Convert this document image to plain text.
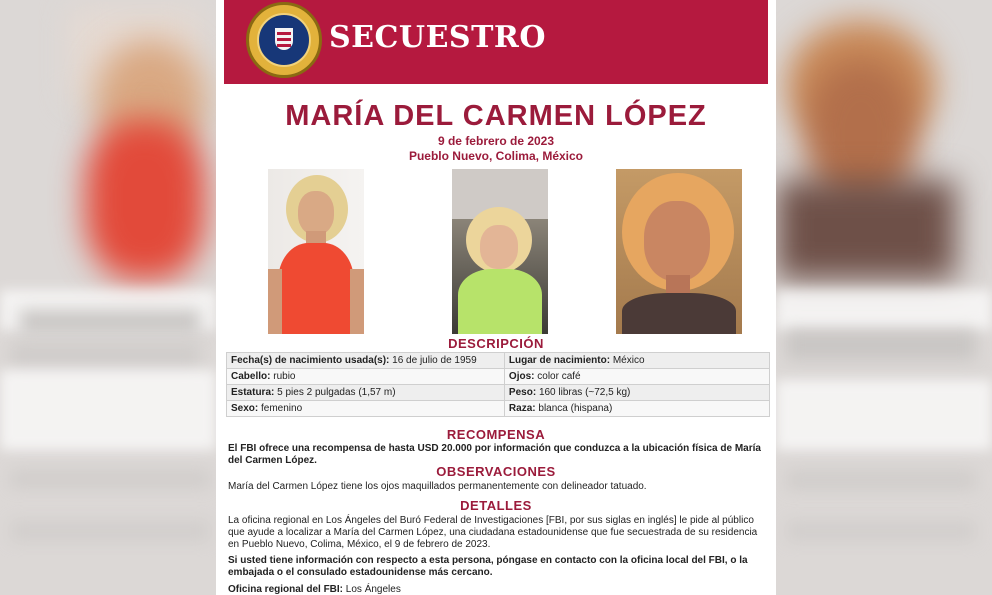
SECUESTRO
MARÍA DEL CARMEN LÓPEZ
9 de febrero de 2023
Pueblo Nuevo, Colima, México
DESCRIPCIÓN
Fecha(s) de nacimiento usada(s): 16 de julio de 1959	Lugar de nacimiento: México
Cabello: rubio	Ojos: color café
Estatura: 5 pies 2 pulgadas (1,57 m)	Peso: 160 libras (~72,5 kg)
Sexo: femenino	Raza: blanca (hispana)
RECOMPENSA
El FBI ofrece una recompensa de hasta USD 20.000 por información que conduzca a la ubicación física de María del Carmen López.
OBSERVACIONES
María del Carmen López tiene los ojos maquillados permanentemente con delineador tatuado.
DETALLES
La oficina regional en Los Ángeles del Buró Federal de Investigaciones [FBI, por sus siglas en inglés] le pide al público que ayude a localizar a María del Carmen López, una ciudadana estadounidense que fue secuestrada de su residencia en Pueblo Nuevo, Colima, México, el 9 de febrero de 2023.
Si usted tiene información con respecto a esta persona, póngase en contacto con la oficina local del FBI, o la embajada o el consulado estadounidense más cercano.
Oficina regional del FBI: Los Ángeles
